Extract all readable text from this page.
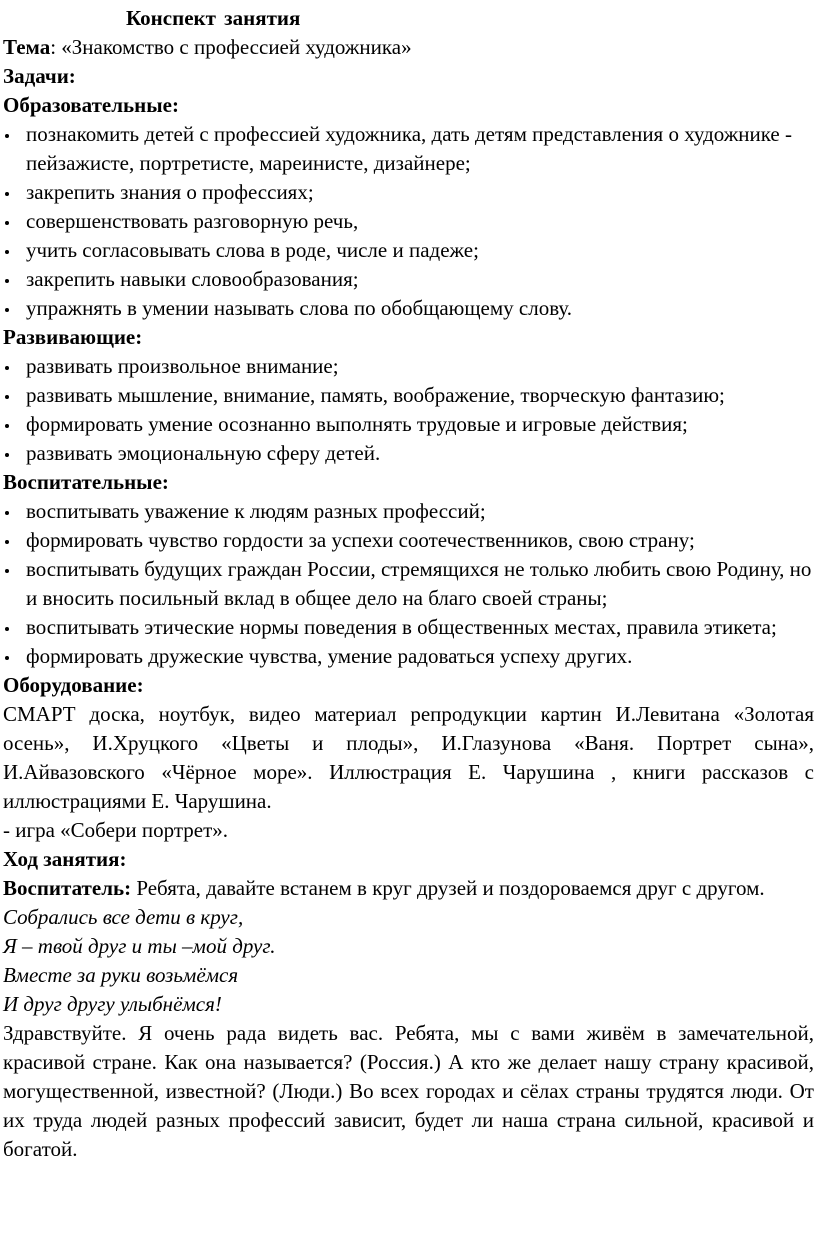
Конспект занятия

Тема: «Знакомство с профессией художника»

Задачи:

Образовательные:

познакомить детей с профессией художника, дать детям представления о художнике - пейзажисте, портретисте, мареинисте, дизайнере;
закрепить знания о профессиях;
совершенствовать разговорную речь,
учить согласовывать слова в роде, числе и падеже;
закрепить навыки словообразования;
упражнять в умении называть слова по обобщающему слову.

Развивающие:

развивать произвольное внимание;
развивать мышление, внимание, память, воображение, творческую фантазию;
формировать умение осознанно выполнять трудовые и игровые действия;
развивать эмоциональную сферу детей.

Воспитательные:

воспитывать уважение к людям разных профессий;
формировать чувство гордости за успехи соотечественников, свою страну;
воспитывать будущих граждан России, стремящихся не только любить свою Родину, но и вносить посильный вклад в общее дело на благо своей страны;
воспитывать этические нормы поведения в общественных местах, правила этикета;
формировать дружеские чувства, умение радоваться успеху других.

Оборудование:

СМАРТ доска, ноутбук, видео материал репродукции картин И.Левитана «Золотая осень», И.Хруцкого «Цветы и плоды», И.Глазунова «Ваня. Портрет сына», И.Айвазовского «Чёрное море». Иллюстрация Е. Чарушина , книги рассказов с иллюстрациями Е. Чарушина.

- игра «Собери портрет».

Ход занятия:

Воспитатель: Ребята, давайте встанем в круг друзей и поздороваемся друг с другом.

Собрались все дети в круг,

Я – твой друг и ты –мой друг.

Вместе за руки возьмёмся

И друг другу улыбнёмся!

Здравствуйте. Я очень рада видеть вас. Ребята, мы с вами живём в замечательной, красивой стране. Как она называется? (Россия.) А кто же делает нашу страну красивой, могущественной, известной? (Люди.) Во всех городах и сёлах страны трудятся люди. От их труда людей разных профессий зависит, будет ли наша страна сильной, красивой и богатой.
